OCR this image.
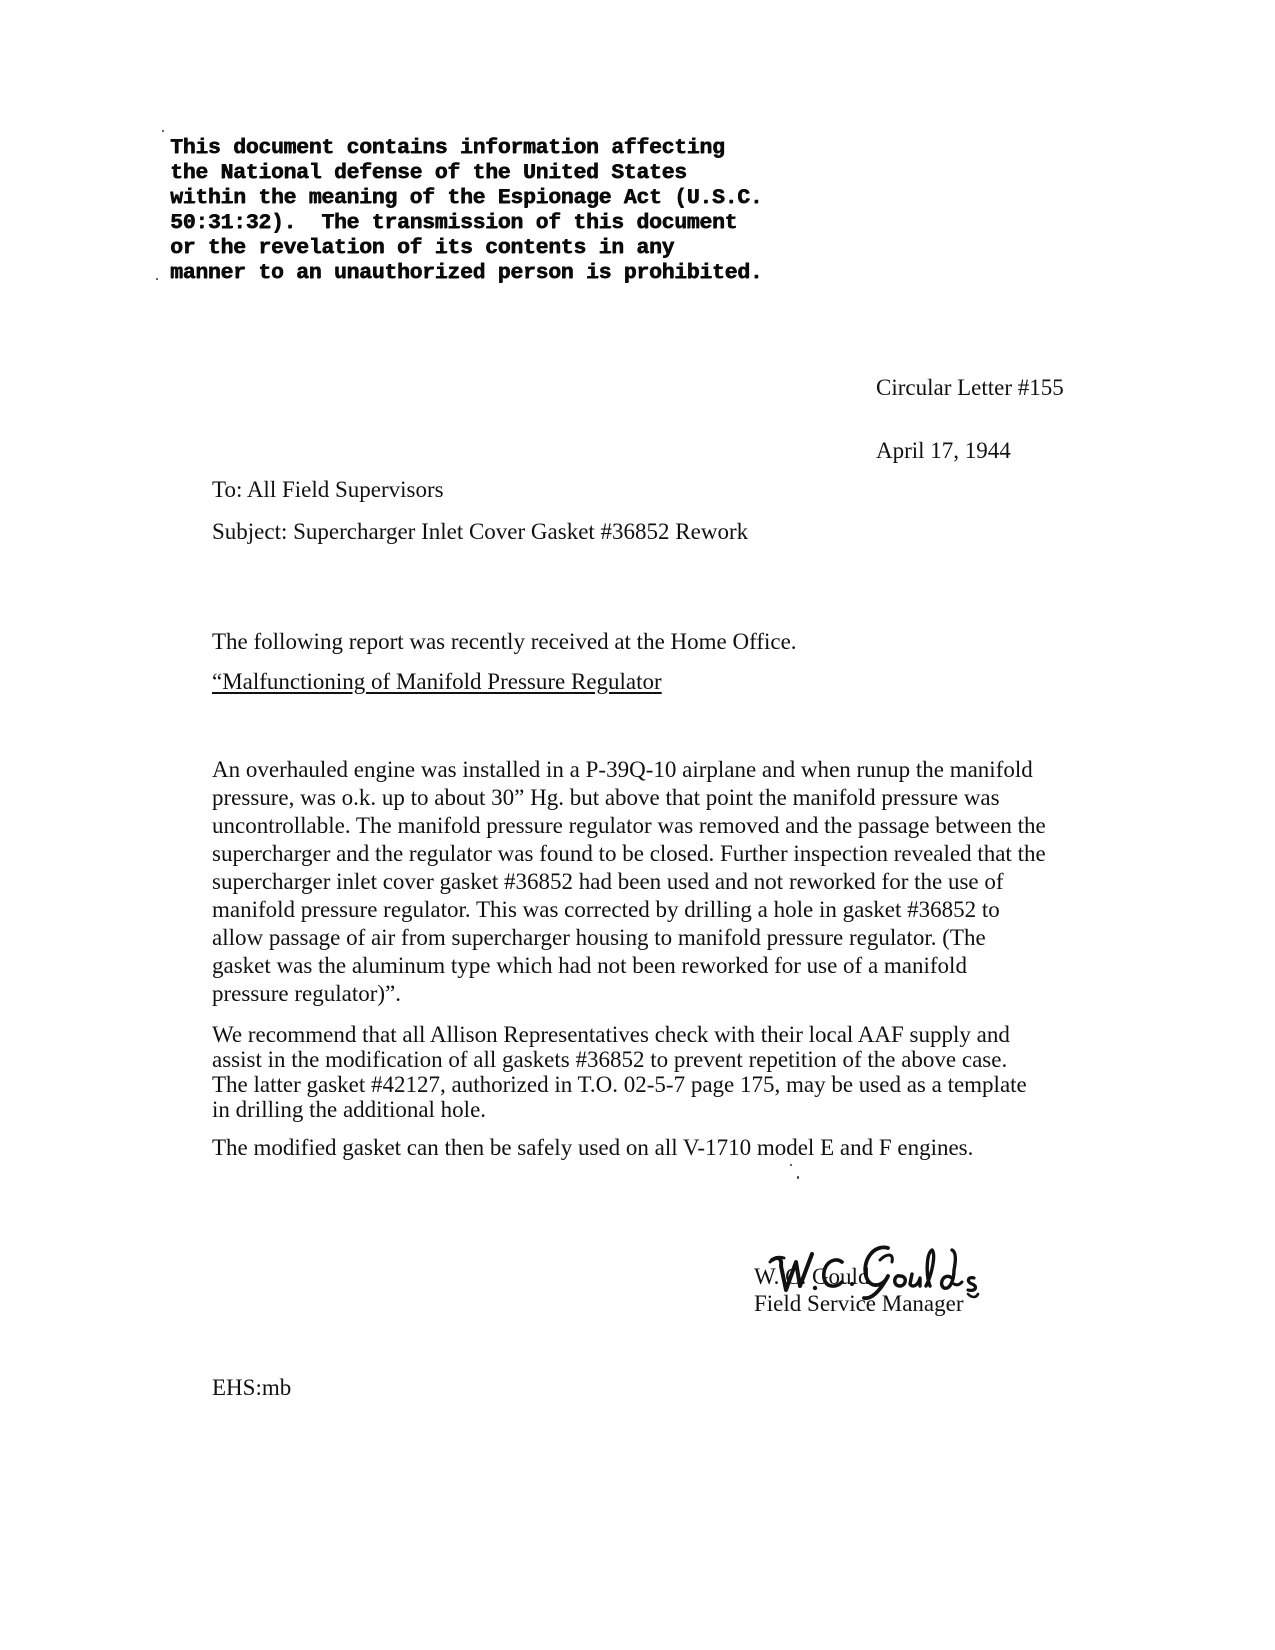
This document contains information affecting
the National defense of the United States
within the meaning of the Espionage Act (U.S.C.
50:31:32).  The transmission of this document
or the revelation of its contents in any
manner to an unauthorized person is prohibited.
Circular Letter #155
April 17, 1944
To: All Field Supervisors
Subject: Supercharger Inlet Cover Gasket #36852 Rework
The following report was recently received at the Home Office.
“Malfunctioning of Manifold Pressure Regulator
An overhauled engine was installed in a P-39Q-10 airplane and when runup the manifold
pressure, was o.k. up to about 30” Hg. but above that point the manifold pressure was
uncontrollable. The manifold pressure regulator was removed and the passage between the
supercharger and the regulator was found to be closed. Further inspection revealed that the
supercharger inlet cover gasket #36852 had been used and not reworked for the use of
manifold pressure regulator. This was corrected by drilling a hole in gasket #36852 to
allow passage of air from supercharger housing to manifold pressure regulator. (The
gasket was the aluminum type which had not been reworked for use of a manifold
pressure regulator)”.
We recommend that all Allison Representatives check with their local AAF supply and
assist in the modification of all gaskets #36852 to prevent repetition of the above case.
The latter gasket #42127, authorized in T.O. 02-5-7 page 175, may be used as a template
in drilling the additional hole.
The modified gasket can then be safely used on all V-1710 model E and F engines.
W. C. Gould
Field Service Manager
EHS:mb
